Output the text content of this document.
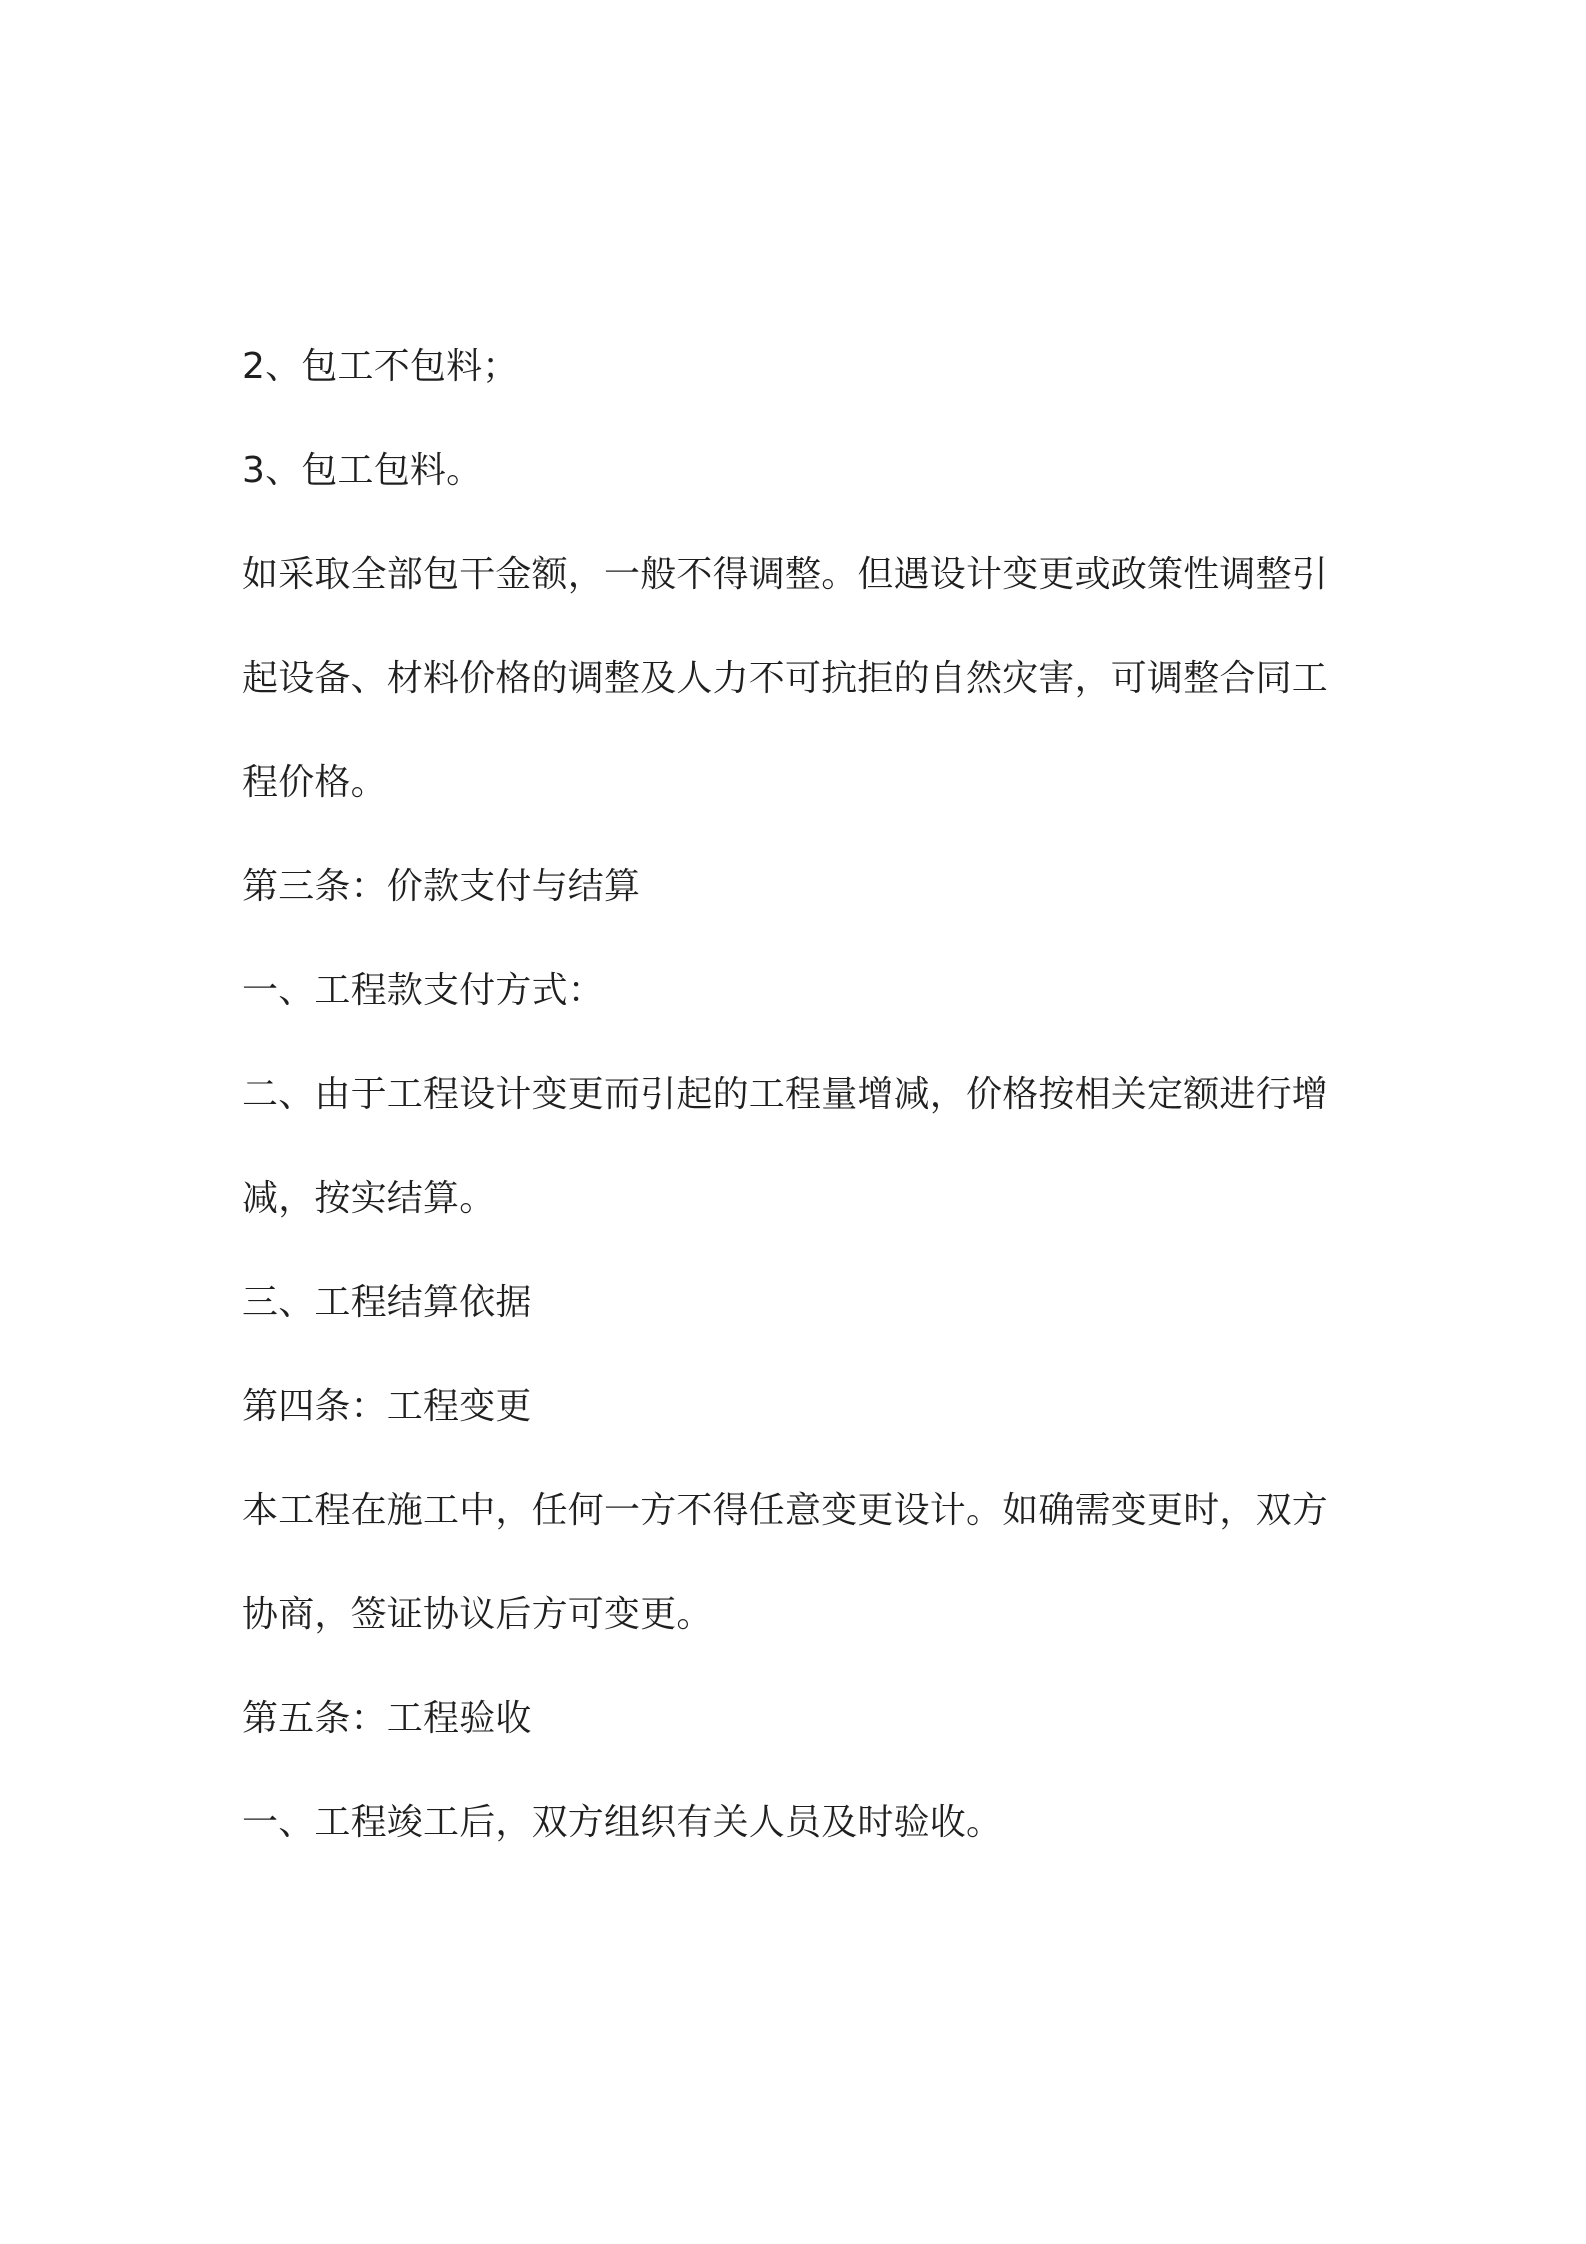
2、包工不包料；

3、包工包料。

如采取全部包干金额，一般不得调整。但遇设计变更或政策性调整引
起设备、材料价格的调整及人力不可抗拒的自然灾害，可调整合同工
程价格。

第三条：价款支付与结算

一、工程款支付方式：

二、由于工程设计变更而引起的工程量增减，价格按相关定额进行增
减，按实结算。

三、工程结算依据

第四条：工程变更

本工程在施工中，任何一方不得任意变更设计。如确需变更时，双方
协商，签证协议后方可变更。

第五条：工程验收

一、工程竣工后，双方组织有关人员及时验收。
